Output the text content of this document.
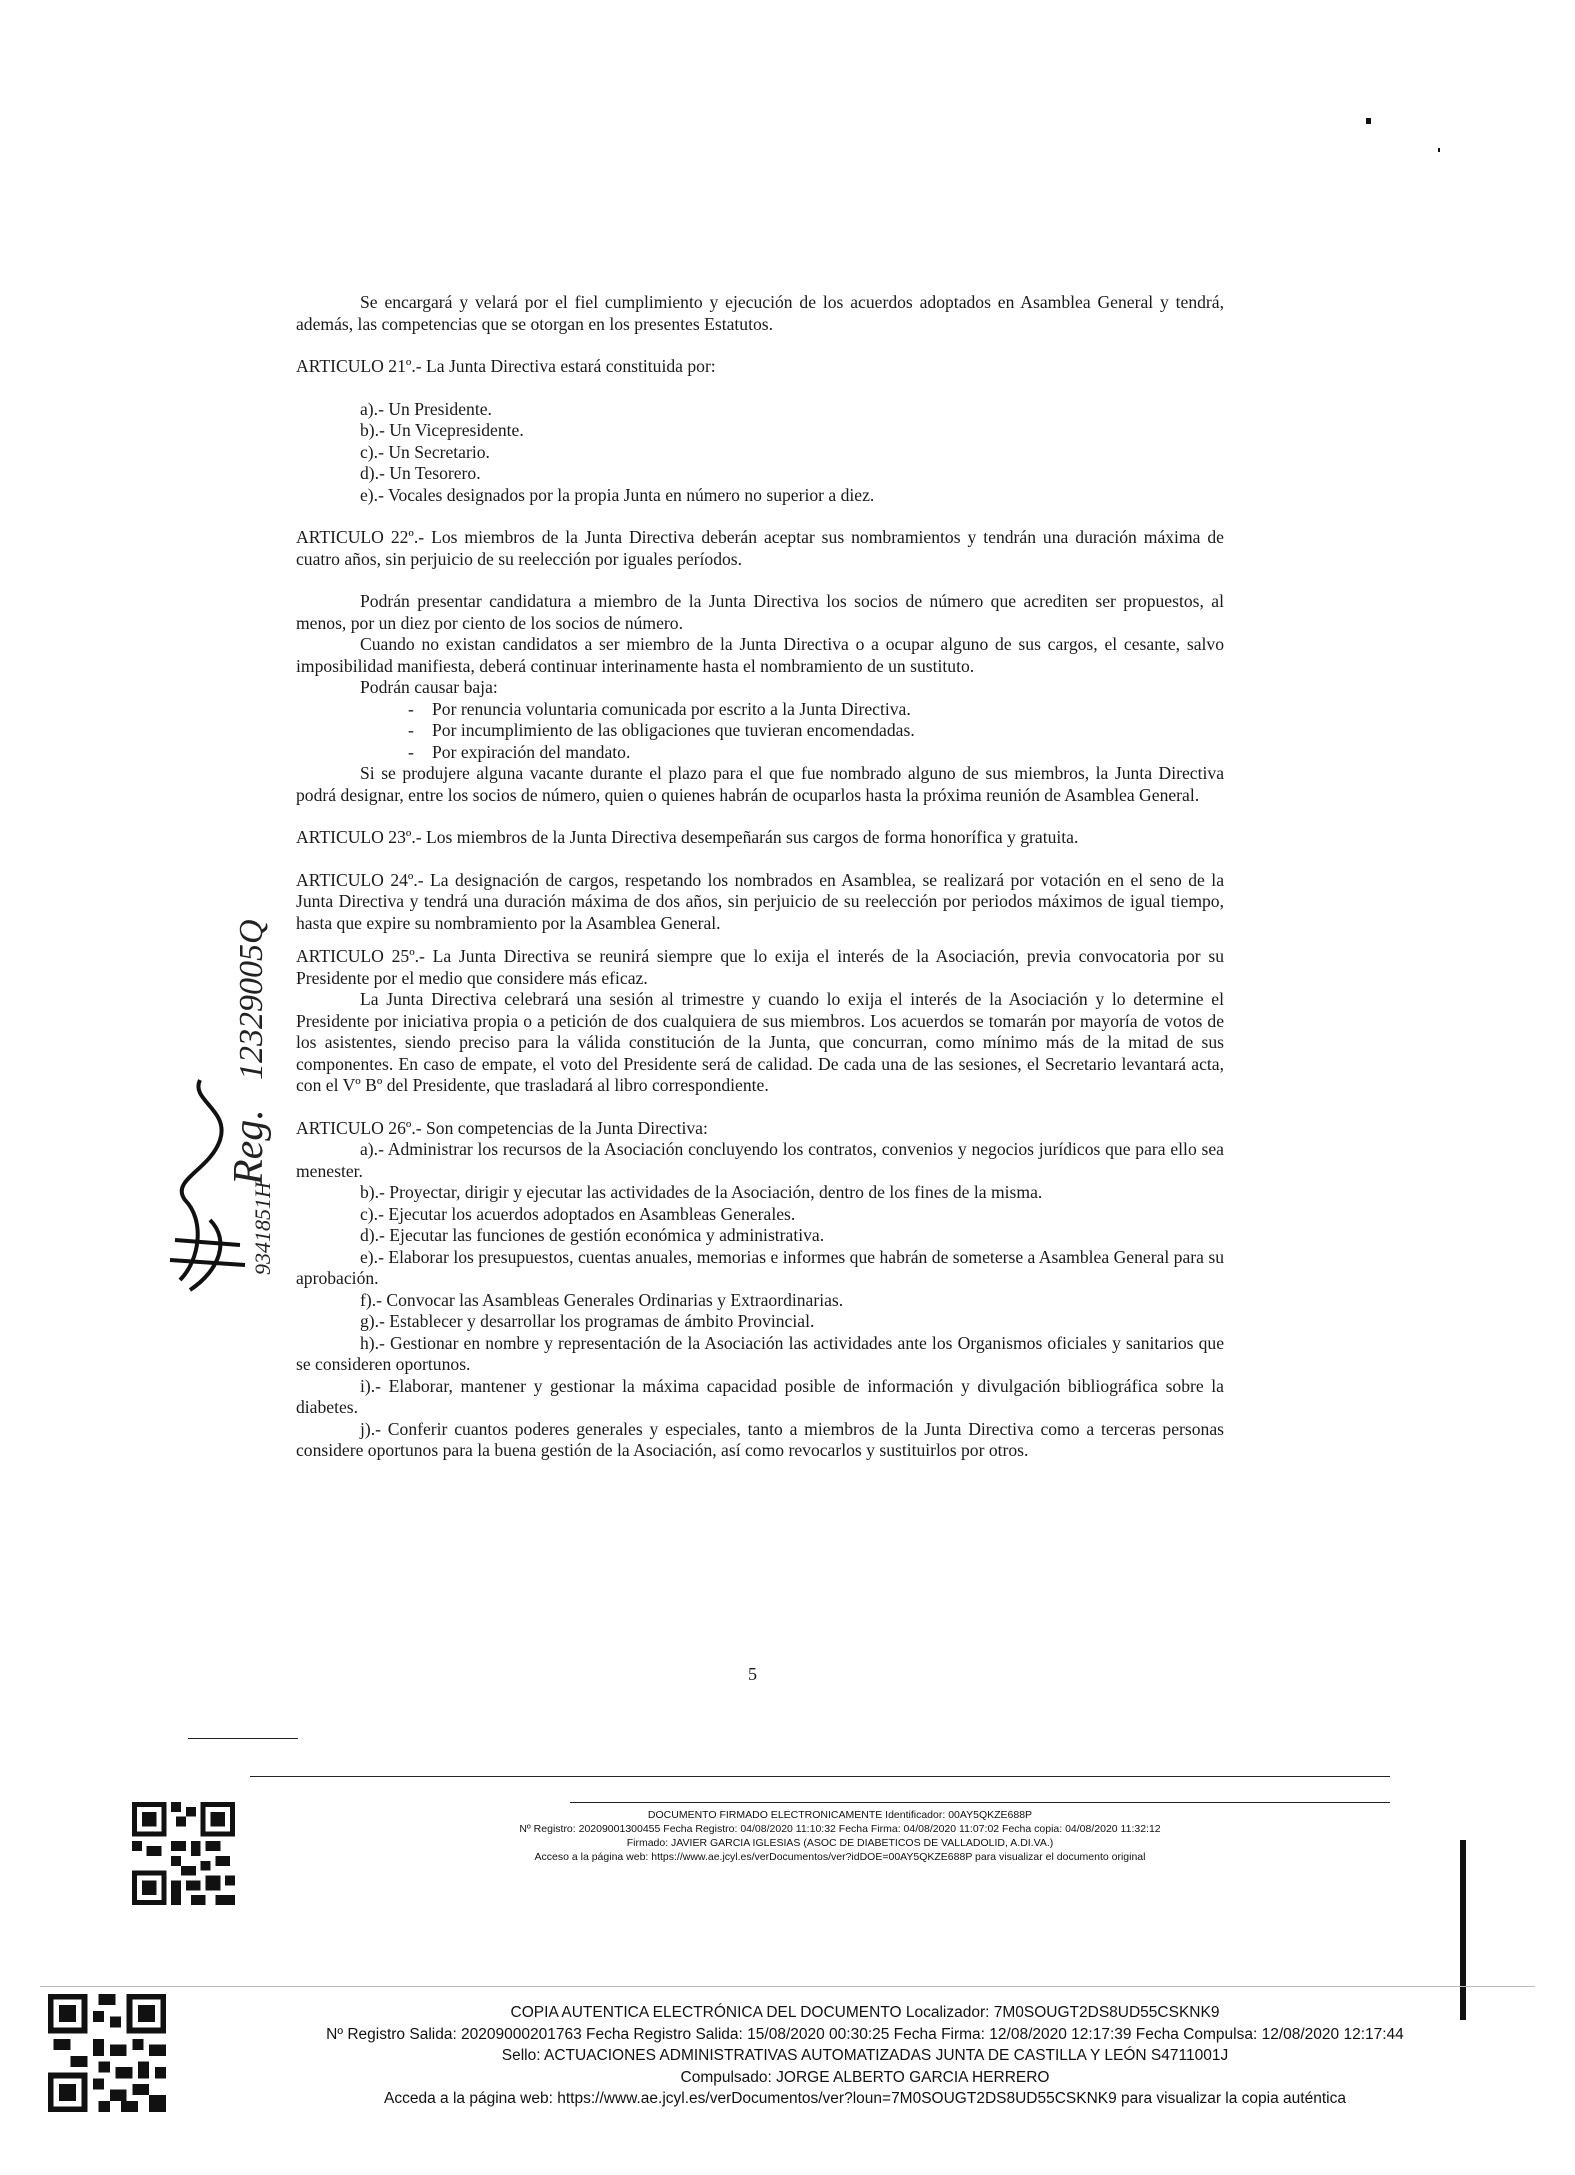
Se encargará y velará por el fiel cumplimiento y ejecución de los acuerdos adoptados en Asamblea General y tendrá, además, las competencias que se otorgan en los presentes Estatutos.

ARTICULO 21º.- La Junta Directiva estará constituida por:

a).- Un Presidente.

b).- Un Vicepresidente.

c).- Un Secretario.

d).- Un Tesorero.

e).- Vocales designados por la propia Junta en número no superior a diez.

ARTICULO 22º.- Los miembros de la Junta Directiva deberán aceptar sus nombramientos y tendrán una duración máxima de cuatro años, sin perjuicio de su reelección por iguales períodos.

Podrán presentar candidatura a miembro de la Junta Directiva los socios de número que acrediten ser propuestos, al menos, por un diez por ciento de los socios de número.

Cuando no existan candidatos a ser miembro de la Junta Directiva o a ocupar alguno de sus cargos, el cesante, salvo imposibilidad manifiesta, deberá continuar interinamente hasta el nombramiento de un sustituto.

Podrán causar baja:

- Por renuncia voluntaria comunicada por escrito a la Junta Directiva.

- Por incumplimiento de las obligaciones que tuvieran encomendadas.

- Por expiración del mandato.

Si se produjere alguna vacante durante el plazo para el que fue nombrado alguno de sus miembros, la Junta Directiva podrá designar, entre los socios de número, quien o quienes habrán de ocuparlos hasta la próxima reunión de Asamblea General.

ARTICULO 23º.- Los miembros de la Junta Directiva desempeñarán sus cargos de forma honorífica y gratuita.

ARTICULO 24º.- La designación de cargos, respetando los nombrados en Asamblea, se realizará por votación en el seno de la Junta Directiva y tendrá una duración máxima de dos años, sin perjuicio de su reelección por periodos máximos de igual tiempo, hasta que expire su nombramiento por la Asamblea General.

ARTICULO 25º.- La Junta Directiva se reunirá siempre que lo exija el interés de la Asociación, previa convocatoria por su Presidente por el medio que considere más eficaz.

La Junta Directiva celebrará una sesión al trimestre y cuando lo exija el interés de la Asociación y lo determine el Presidente por iniciativa propia o a petición de dos cualquiera de sus miembros. Los acuerdos se tomarán por mayoría de votos de los asistentes, siendo preciso para la válida constitución de la Junta, que concurran, como mínimo más de la mitad de sus componentes. En caso de empate, el voto del Presidente será de calidad. De cada una de las sesiones, el Secretario levantará acta, con el Vº Bº del Presidente, que trasladará al libro correspondiente.

ARTICULO 26º.- Son competencias de la Junta Directiva:

a).- Administrar los recursos de la Asociación concluyendo los contratos, convenios y negocios jurídicos que para ello sea menester.

b).- Proyectar, dirigir y ejecutar las actividades de la Asociación, dentro de los fines de la misma.

c).- Ejecutar los acuerdos adoptados en Asambleas Generales.

d).- Ejecutar las funciones de gestión económica y administrativa.

e).- Elaborar los presupuestos, cuentas anuales, memorias e informes que habrán de someterse a Asamblea General para su aprobación.

f).- Convocar las Asambleas Generales Ordinarias y Extraordinarias.

g).- Establecer y desarrollar los programas de ámbito Provincial.

h).- Gestionar en nombre y representación de la Asociación las actividades ante los Organismos oficiales y sanitarios que se consideren oportunos.

i).- Elaborar, mantener y gestionar la máxima capacidad posible de información y divulgación bibliográfica sobre la diabetes.

j).- Conferir cuantos poderes generales y especiales, tanto a miembros de la Junta Directiva como a terceras personas considere oportunos para la buena gestión de la Asociación, así como revocarlos y sustituirlos por otros.

5
12329005Q
Reg.
9341851H
DOCUMENTO FIRMADO ELECTRONICAMENTE Identificador: 00AY5QKZE688P
Nº Registro: 20209001300455 Fecha Registro: 04/08/2020 11:10:32 Fecha Firma: 04/08/2020 11:07:02 Fecha copia: 04/08/2020 11:32:12
Firmado: JAVIER GARCIA IGLESIAS (ASOC DE DIABETICOS DE VALLADOLID, A.DI.VA.)
Acceso a la página web: https://www.ae.jcyl.es/verDocumentos/ver?idDOE=00AY5QKZE688P para visualizar el documento original
COPIA AUTENTICA ELECTRÓNICA DEL DOCUMENTO Localizador: 7M0SOUGT2DS8UD55CSKNK9
Nº Registro Salida: 20209000201763 Fecha Registro Salida: 15/08/2020 00:30:25 Fecha Firma: 12/08/2020 12:17:39 Fecha Compulsa: 12/08/2020 12:17:44
Sello: ACTUACIONES ADMINISTRATIVAS AUTOMATIZADAS JUNTA DE CASTILLA Y LEÓN S4711001J
Compulsado: JORGE ALBERTO GARCIA HERRERO
Acceda a la página web: https://www.ae.jcyl.es/verDocumentos/ver?loun=7M0SOUGT2DS8UD55CSKNK9 para visualizar la copia auténtica
